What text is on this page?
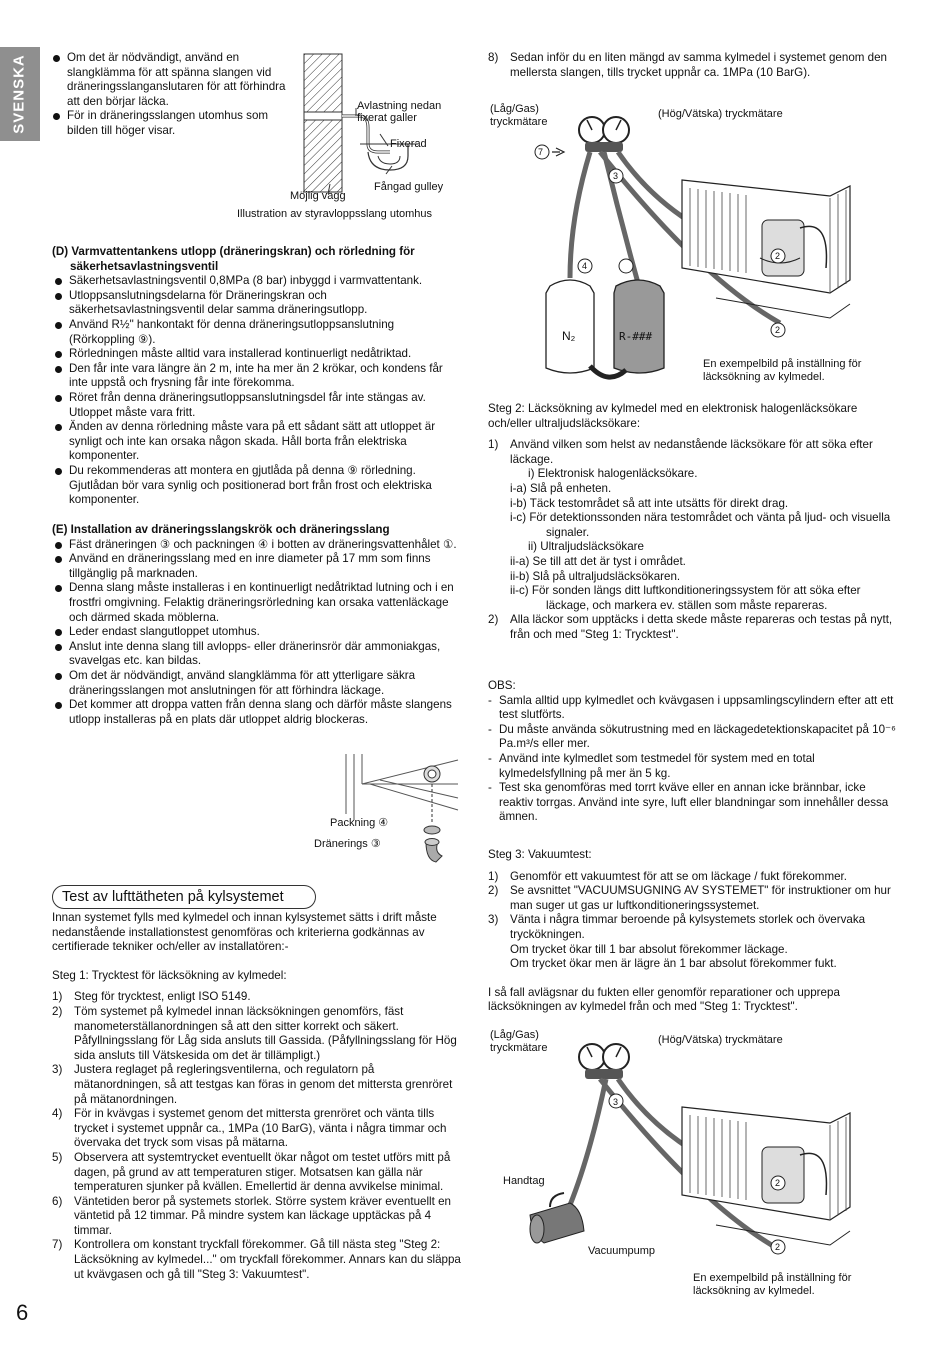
SVENSKA	Om det är nödvändigt, använd en slangklämma för att spänna slangen vid dräneringsslanganslutaren för att förhindra att den börjar läcka.
För in dräneringsslangen utomhus som bilden till höger visar.
Avlastning nedan fixerat galler
Fixerad
Fångad gulley
Möjlig vägg
Illustration av styravloppsslang utomhus
(D) Varmvattentankens utlopp (dräneringskran) och rörledning för säkerhetsavlastningsventil
Säkerhetsavlastningsventil 0,8MPa (8 bar) inbyggd i varmvattentank.
Utloppsanslutningsdelarna för Dräneringskran och säkerhetsavlastningsventil delar samma dräneringsutlopp.
Använd R½" hankontakt för denna dräneringsutloppsanslutning (Rörkoppling ⑨).
Rörledningen måste alltid vara installerad kontinuerligt nedåtriktad.
Den får inte vara längre än 2 m, inte ha mer än 2 krökar, och kondens får inte uppstå och frysning får inte förekomma.
Röret från denna dräneringsutloppsanslutningsdel får inte stängas av. Utloppet måste vara fritt.
Änden av denna rörledning måste vara på ett sådant sätt att utloppet är synligt och inte kan orsaka någon skada. Håll borta från elektriska komponenter.
Du rekommenderas att montera en gjutlåda på denna ⑨ rörledning. Gjutlådan bör vara synlig och positionerad bort från frost och elektriska komponenter.
(E) Installation av dräneringsslangskrök och dräneringsslang
Fäst dräneringen ③ och packningen ④ i botten av dräneringsvattenhålet ①.
Använd en dräneringsslang med en inre diameter på 17 mm som finns tillgänglig på marknaden.
Denna slang måste installeras i en kontinuerligt nedåtriktad lutning och i en frostfri omgivning. Felaktig dräneringsrörledning kan orsaka vattenläckage och därmed skada möblerna.
Leder endast slangutloppet utomhus.
Anslut inte denna slang till avlopps- eller dränerinsrör där ammoniakgas, svavelgas etc. kan bildas.
Om det är nödvändigt, använd slangklämma för att ytterligare säkra dräneringsslangen mot anslutningen för att förhindra läckage.
Det kommer att droppa vatten från denna slang och därför måste slangens utlopp installeras på en plats där utloppet aldrig blockeras.
Packning ④
Dränerings ③
Test av lufttätheten på kylsystemet
Innan systemet fylls med kylmedel och innan kylsystemet sätts i drift måste nedanstående installationstest genomföras och kriterierna godkännas av certifierade tekniker och/eller av installatören:-
Steg 1: Trycktest för läcksökning av kylmedel:
1) Steg för trycktest, enligt ISO 5149.
2) Töm systemet på kylmedel innan läcksökningen genomförs, fäst manometerställanordningen så att den sitter korrekt och säkert. Påfyllningsslang för Låg sida ansluts till Gassida. (Påfyllningsslang för Hög sida ansluts till Vätskesida om det är tillämpligt.)
3) Justera reglaget på regleringsventilerna, och regulatorn på mätanordningen, så att testgas kan föras in genom det mittersta grenröret på mätanordningen.
4) För in kvävgas i systemet genom det mittersta grenröret och vänta tills trycket i systemet uppnår ca., 1MPa (10 BarG), vänta i några timmar och övervaka det tryck som visas på mätarna.
5) Observera att systemtrycket eventuellt ökar något om testet utförs mitt på dagen, på grund av att temperaturen stiger. Motsatsen kan gälla när temperaturen sjunker på kvällen. Emellertid är denna avvikelse minimal.
6) Väntetiden beror på systemets storlek. Större system kräver eventuellt en väntetid på 12 timmar. På mindre system kan läckage upptäckas på 4 timmar.
7) Kontrollera om konstant tryckfall förekommer. Gå till nästa steg "Steg 2: Läcksökning av kylmedel..." om tryckfall förekommer. Annars kan du släppa ut kvävgasen och gå till "Steg 3: Vakuumtest".
8) Sedan inför du en liten mängd av samma kylmedel i systemet genom den mellersta slangen, tills trycket uppnår ca. 1MPa (10 BarG).
(Låg/Gas) tryckmätare
(Hög/Vätska) tryckmätare
7
3
4
2
2
N₂	R-###
En exempelbild på inställning för läcksökning av kylmedel.
Steg 2: Läcksökning av kylmedel med en elektronisk halogenläcksökare och/eller ultraljudsläcksökare:
1) Använd vilken som helst av nedanstående läcksökare för att söka efter läckage.
i) Elektronisk halogenläcksökare.
i-a) Slå på enheten.
i-b) Täck testområdet så att inte utsätts för direkt drag.
i-c) För detektionssonden nära testområdet och vänta på ljud- och visuella signaler.
ii) Ultraljudsläcksökare
ii-a) Se till att det är tyst i området.
ii-b) Slå på ultraljudsläcksökaren.
ii-c) För sonden längs ditt luftkonditioneringssystem för att söka efter läckage, och markera ev. ställen som måste repareras.
2) Alla läckor som upptäcks i detta skede måste repareras och testas på nytt, från och med "Steg 1: Trycktest".
OBS:
- Samla alltid upp kylmedlet och kvävgasen i uppsamlingscylindern efter att ett test slutförts.
- Du måste använda sökutrustning med en läckagedetektionskapacitet på 10⁻⁶ Pa.m³/s eller mer.
- Använd inte kylmedlet som testmedel för system med en total kylmedelsfyllning på mer än 5 kg.
- Test ska genomföras med torrt kväve eller en annan icke brännbar, icke reaktiv torrgas. Använd inte syre, luft eller blandningar som innehåller dessa ämnen.
Steg 3: Vakuumtest:
1) Genomför ett vakuumtest för att se om läckage / fukt förekommer.
2) Se avsnittet "VACUUMSUGNING AV SYSTEMET" för instruktioner om hur man suger ut gas ur luftkonditioneringssystemet.
3) Vänta i några timmar beroende på kylsystemets storlek och övervaka tryckökningen.
Om trycket ökar till 1 bar absolut förekommer läckage.
Om trycket ökar men är lägre än 1 bar absolut förekommer fukt.
I så fall avlägsnar du fukten eller genomför reparationer och upprepa läcksökningen av kylmedel från och med "Steg 1: Trycktest".
(Låg/Gas) tryckmätare
(Hög/Vätska) tryckmätare
3
2
2
Handtag
Vacuumpump
En exempelbild på inställning för läcksökning av kylmedel.
6
